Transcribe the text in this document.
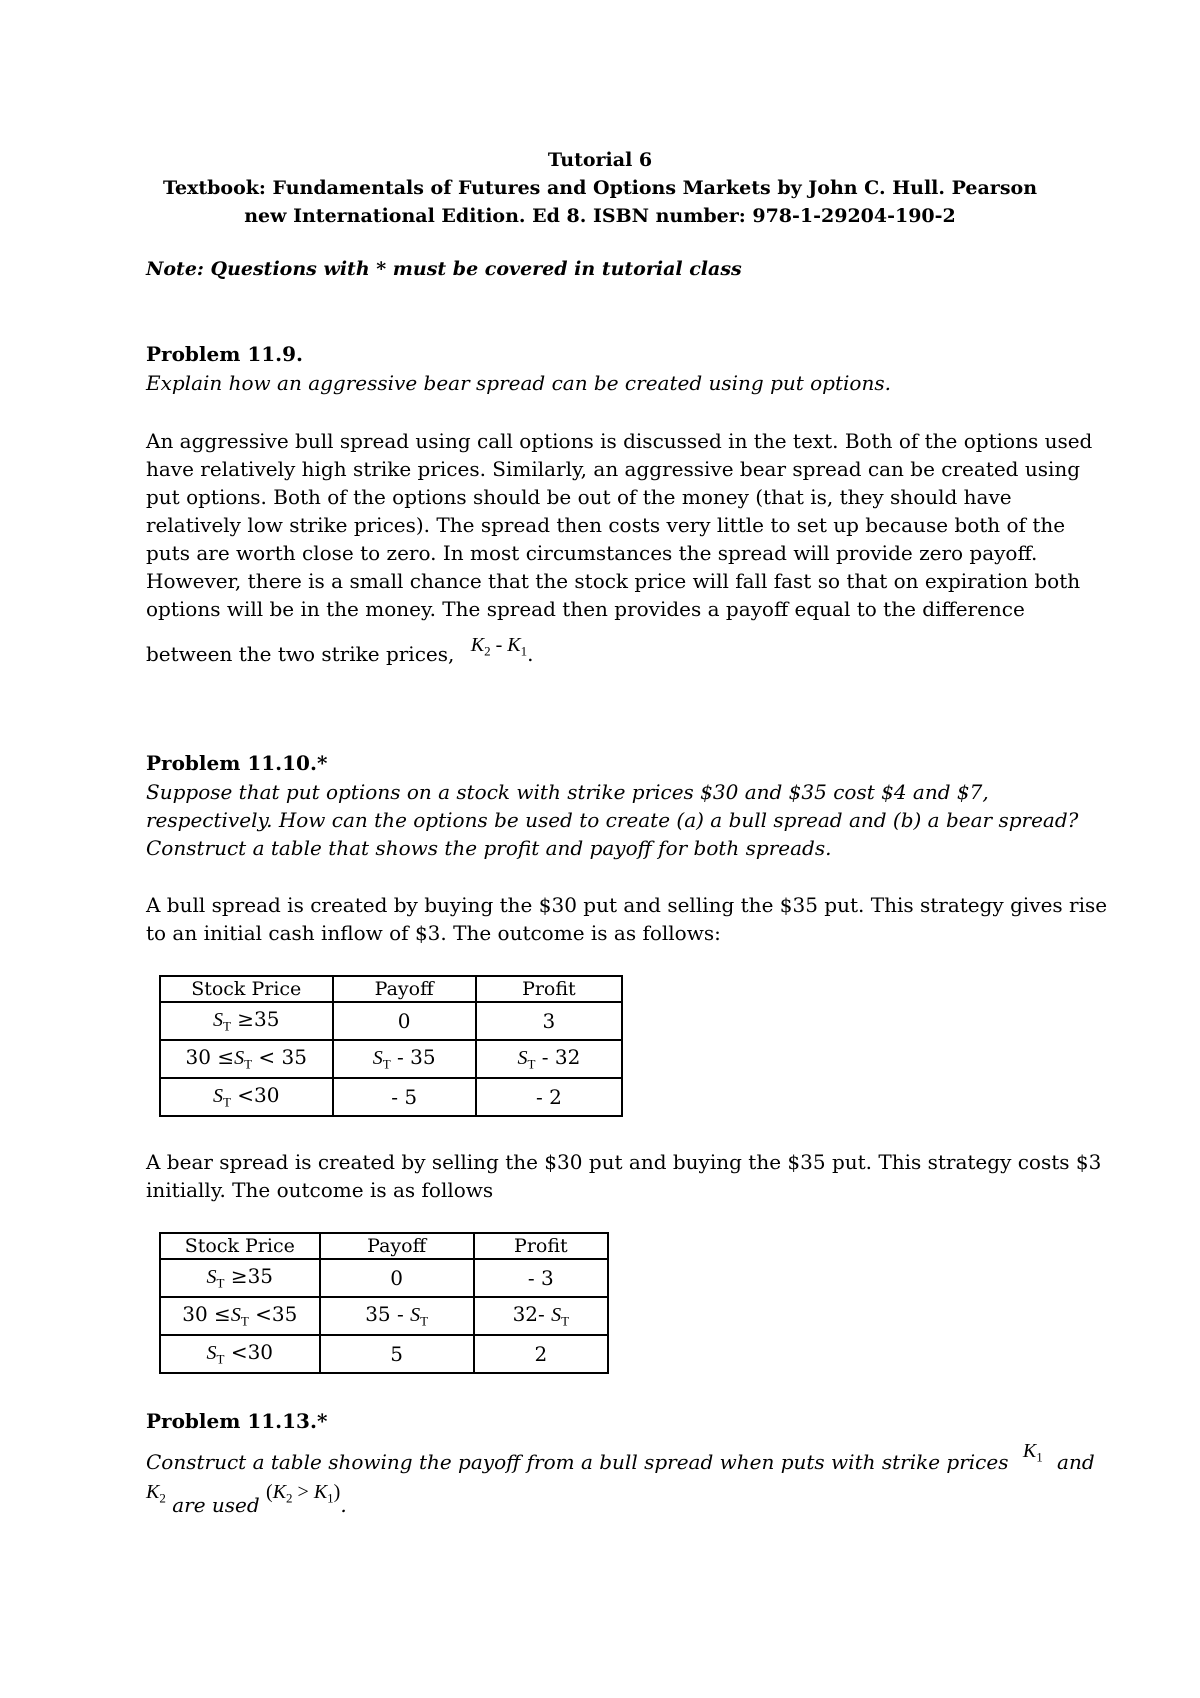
Tutorial 6
Textbook: Fundamentals of Futures and Options Markets by John C. Hull. Pearson
new International Edition. Ed 8. ISBN number: 978-1-29204-190-2
Note: Questions with * must be covered in tutorial class
Problem 11.9.
Explain how an aggressive bear spread can be created using put options.
An aggressive bull spread using call options is discussed in the text. Both of the options used
have relatively high strike prices. Similarly, an aggressive bear spread can be created using
put options. Both of the options should be out of the money (that is, they should have
relatively low strike prices). The spread then costs very little to set up because both of the
puts are worth close to zero. In most circumstances the spread will provide zero payoff.
However, there is a small chance that the stock price will fall fast so that on expiration both
options will be in the money. The spread then provides a payoff equal to the difference
between the two strike prices, $K_2 - K_1$.
Problem 11.10.*
Suppose that put options on a stock with strike prices $30 and $35 cost $4 and $7,
respectively. How can the options be used to create (a) a bull spread and (b) a bear spread?
Construct a table that shows the profit and payoff for both spreads.
A bull spread is created by buying the $30 put and selling the $35 put. This strategy gives rise
to an initial cash inflow of $3. The outcome is as follows:
Stock Price	Payoff	Profit
$S_T \ge 35$	0	3
$30 \le S_T < 35$	$S_T - 35$	$S_T - 32$
$S_T <30$	- 5	- 2
A bear spread is created by selling the $30 put and buying the $35 put. This strategy costs $3
initially. The outcome is as follows
Stock Price	Payoff	Profit
$S_T \ge 35$	0	- 3
$30 \le S_T <35$	$35 - S_T$	32- $S_T$
$S_T <30$	5	2
Problem 11.13.*
Construct a table showing the payoff from a bull spread when puts with strike prices $K_1$ and
$K_2$ are used $(K_2 > K_1)$.
